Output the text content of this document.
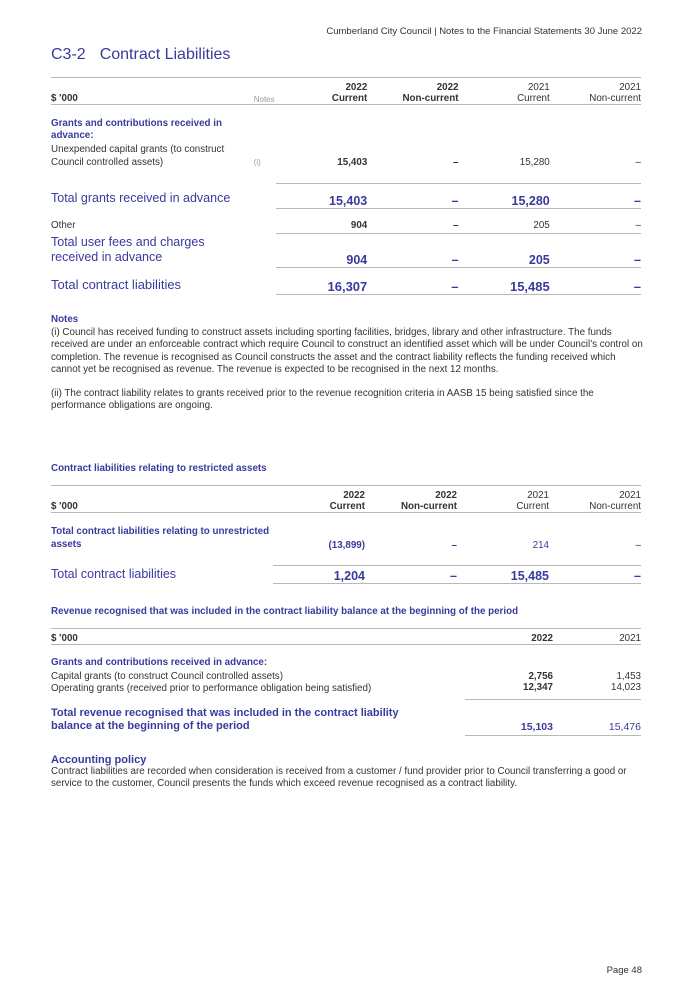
Cumberland City Council | Notes to the Financial Statements 30 June 2022
C3-2 Contract Liabilities

		2022	2022	2021	2021
$ '000	Notes	Current	Non-current	Current	Non-current

Grants and contributions received in advance:					
Unexpended capital grants (to construct Council controlled assets)	(i)	15,403	–	15,280	–
Total grants received in advance		15,403	–	15,280	–
Other		904	–	205	–
Total user fees and charges received in advance		904	–	205	–
Total contract liabilities		16,307	–	15,485	–
Notes

(i) Council has received funding to construct assets including sporting facilities, bridges, library and other infrastructure. The funds received are under an enforceable contract which require Council to construct an identified asset which will be under Council’s control on completion. The revenue is recognised as Council constructs the asset and the contract liability reflects the funding received which cannot yet be recognised as revenue. The revenue is expected to be recognised in the next 12 months.

(ii) The contract liability relates to grants received prior to the revenue recognition criteria in AASB 15 being satisfied since the performance obligations are ongoing.

Contract liabilities relating to restricted assets

	2022	2022	2021	2021
$ '000	Current	Non-current	Current	Non-current

Total contract liabilities relating to unrestricted assets	(13,899)	–	214	–
Total contract liabilities	1,204	–	15,485	–
Revenue recognised that was included in the contract liability balance at the beginning of the period

$ '000	2022	2021

Grants and contributions received in advance:		
Capital grants (to construct Council controlled assets)	2,756	1,453
Operating grants (received prior to performance obligation being satisfied)	12,347	14,023
Total revenue recognised that was included in the contract liability balance at the beginning of the period	15,103	15,476
Accounting policy
Contract liabilities are recorded when consideration is received from a customer / fund provider prior to Council transferring a good or service to the customer, Council presents the funds which exceed revenue recognised as a contract liability.
Page 48
